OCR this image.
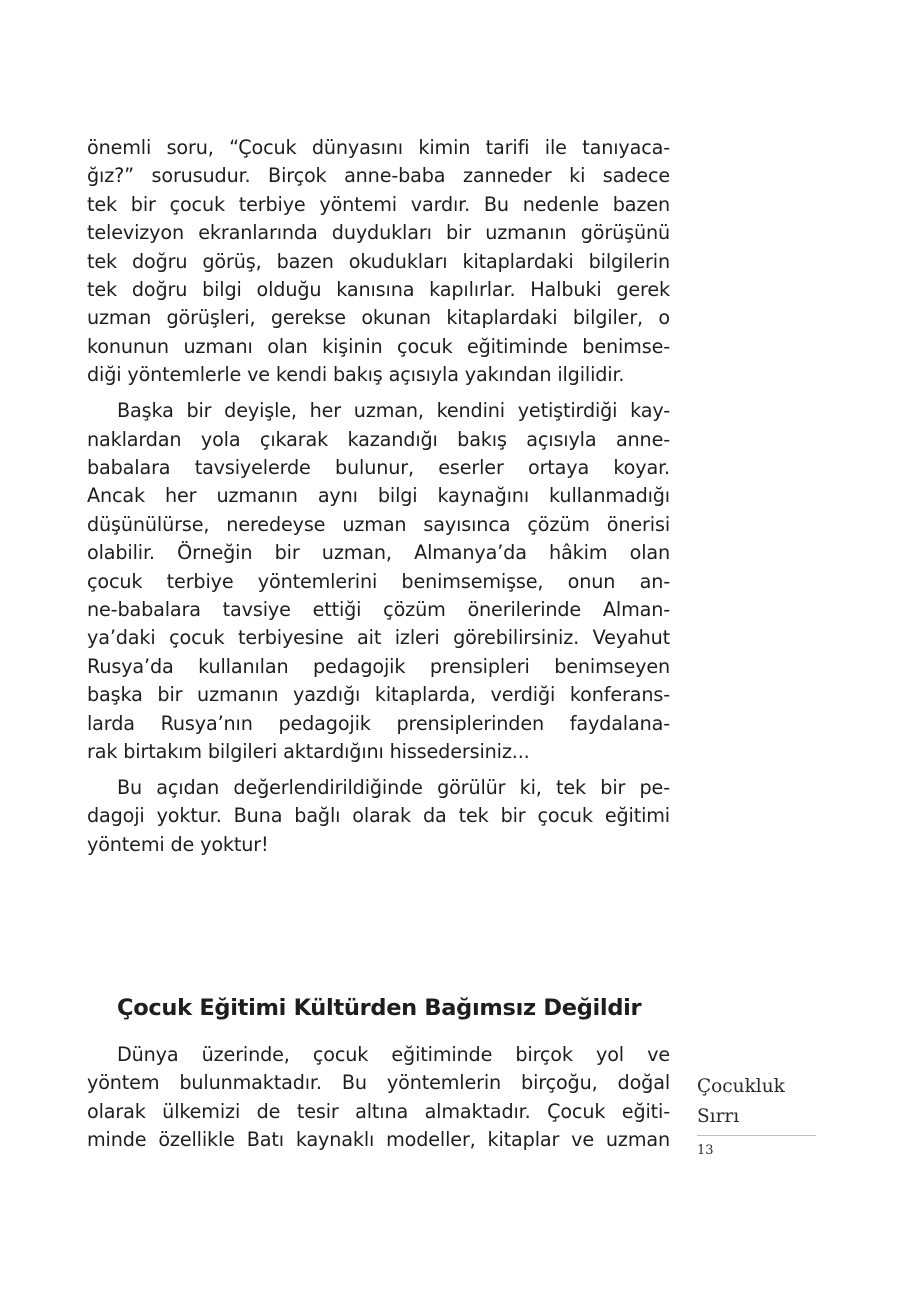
önemli soru, “Çocuk dünyasını kimin tarifi ile tanıyaca-
ğız?” sorusudur. Birçok anne-baba zanneder ki sadece
tek bir çocuk terbiye yöntemi vardır. Bu nedenle bazen
televizyon ekranlarında duydukları bir uzmanın görüşünü
tek doğru görüş, bazen okudukları kitaplardaki bilgilerin
tek doğru bilgi olduğu kanısına kapılırlar. Halbuki gerek
uzman görüşleri, gerekse okunan kitaplardaki bilgiler, o
konunun uzmanı olan kişinin çocuk eğitiminde benimse-
diği yöntemlerle ve kendi bakış açısıyla yakından ilgilidir.

Başka bir deyişle, her uzman, kendini yetiştirdiği kay-
naklardan yola çıkarak kazandığı bakış açısıyla anne-
babalara tavsiyelerde bulunur, eserler ortaya koyar.
Ancak her uzmanın aynı bilgi kaynağını kullanmadığı
düşünülürse, neredeyse uzman sayısınca çözüm önerisi
olabilir. Örneğin bir uzman, Almanya’da hâkim olan
çocuk terbiye yöntemlerini benimsemişse, onun an-
ne-babalara tavsiye ettiği çözüm önerilerinde Alman-
ya’daki çocuk terbiyesine ait izleri görebilirsiniz. Veyahut
Rusya’da kullanılan pedagojik prensipleri benimseyen
başka bir uzmanın yazdığı kitaplarda, verdiği konferans-
larda Rusya’nın pedagojik prensiplerinden faydalana-
rak birtakım bilgileri aktardığını hissedersiniz...

Bu açıdan değerlendirildiğinde görülür ki, tek bir pe-
dagoji yoktur. Buna bağlı olarak da tek bir çocuk eğitimi
yöntemi de yoktur!

Çocuk Eğitimi Kültürden Bağımsız Değildir

Dünya üzerinde, çocuk eğitiminde birçok yol ve
yöntem bulunmaktadır. Bu yöntemlerin birçoğu, doğal
olarak ülkemizi de tesir altına almaktadır. Çocuk eğiti-
minde özellikle Batı kaynaklı modeller, kitaplar ve uzman

Çocukluk
Sırrı
13
